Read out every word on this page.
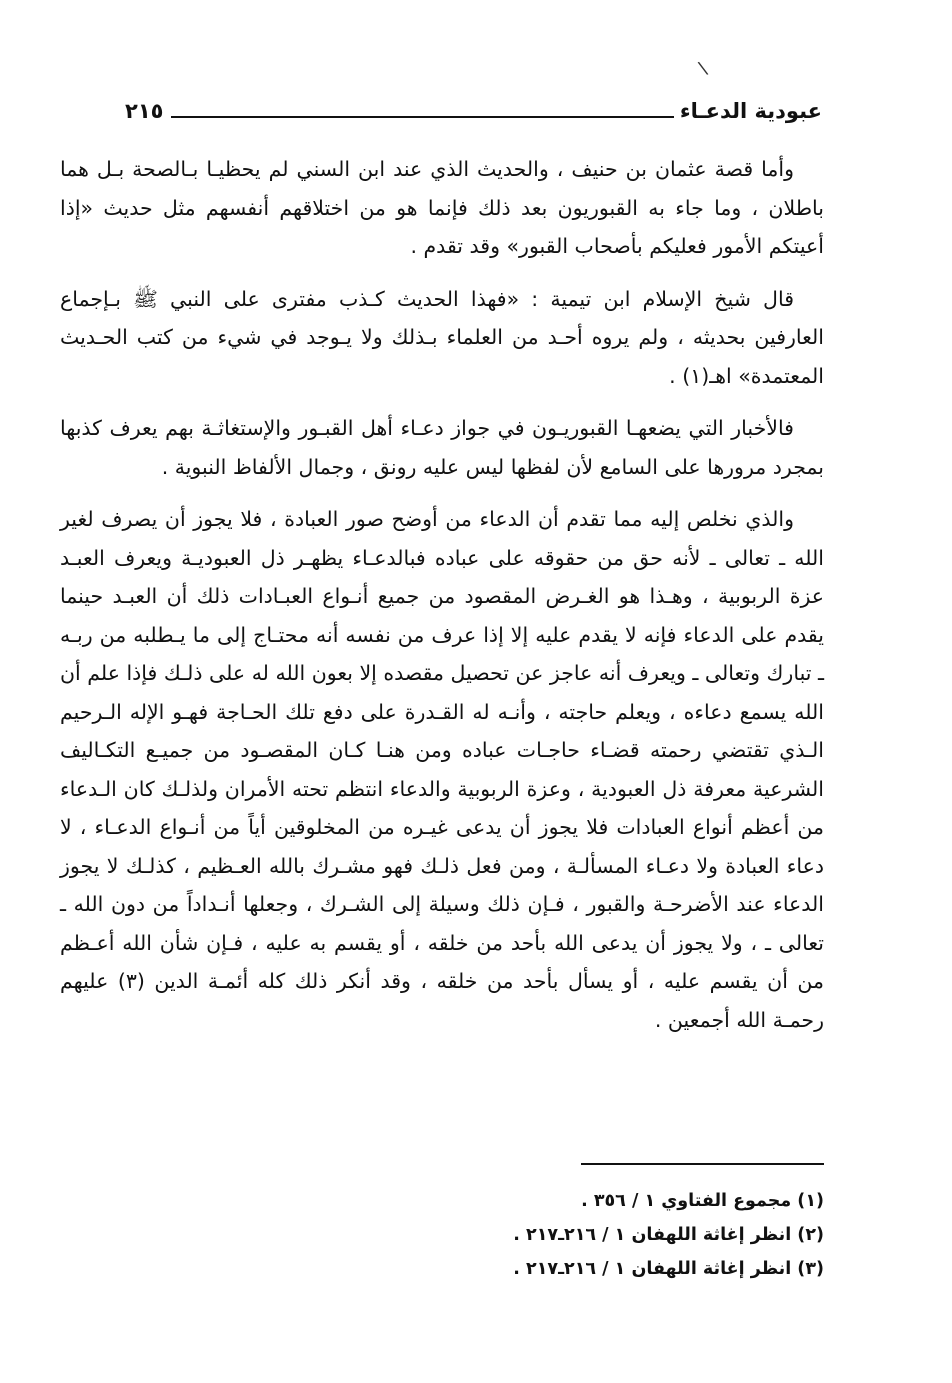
\
عبودية الدعـاء
٢١٥

وأما قصة عثمان بن حنيف ، والحديث الذي عند ابن السني لم يحظيـا بـالصحة بـل هما باطلان ، وما جاء به القبوريون بعد ذلك فإنما هو من اختلاقهم أنفسهم مثل حديث «إذا أعيتكم الأمور فعليكم بأصحاب القبور» وقد تقدم .

قال شيخ الإسلام ابن تيمية : «فهذا الحديث كـذب مفترى على النبي ﷺ بـإجماع العارفين بحديثه ، ولم يروه أحـد من العلماء بـذلك ولا يـوجد في شيء من كتب الحـديث المعتمدة» اهـ(١) .

فالأخبار التي يضعهـا القبوريـون في جواز دعـاء أهل القبـور والإستغاثـة بهم يعرف كذبها بمجرد مرورها على السامع لأن لفظها ليس عليه رونق ، وجمال الألفاظ النبوية .

والذي نخلص إليه مما تقدم أن الدعاء من أوضح صور العبادة ، فلا يجوز أن يصرف لغير الله ـ تعالى ـ لأنه حق من حقوقه على عباده فبالدعـاء يظهـر ذل العبوديـة ويعرف العبـد عزة الربوبية ، وهـذا هو الغـرض المقصود من جميع أنـواع العبـادات ذلك أن العبـد حينما يقدم على الدعاء فإنه لا يقدم عليه إلا إذا عرف من نفسه أنه محتـاج إلى ما يـطلبه من ربـه ـ تبارك وتعالى ـ ويعرف أنه عاجز عن تحصيل مقصده إلا بعون الله له على ذلـك فإذا علم أن الله يسمع دعاءه ، ويعلم حاجته ، وأنـه له القـدرة على دفع تلك الحـاجة فهـو الإله الـرحيم الـذي تقتضي رحمته قضـاء حاجـات عباده ومن هنـا كـان المقصـود من جميـع التكـاليف الشرعية معرفة ذل العبودية ، وعزة الربوبية والدعاء انتظم تحته الأمران ولذلـك كان الـدعاء من أعظم أنواع العبادات فلا يجوز أن يدعى غيـره من المخلوقين أياً من أنـواع الدعـاء ، لا دعاء العبادة ولا دعـاء المسألـة ، ومن فعل ذلـك فهو مشـرك بالله العـظيم ، كذلـك لا يجوز الدعاء عند الأضرحـة والقبور ، فـإن ذلك وسيلة إلى الشـرك ، وجعلها أنـداداً من دون الله ـ تعالى ـ ، ولا يجوز أن يدعى الله بأحد من خلقه ، أو يقسم به عليه ، فـإن شأن الله أعـظم من أن يقسم عليه ، أو يسأل بأحد من خلقه ، وقد أنكر ذلك كله أئمـة الدين (٣) عليهم رحمـة الله أجمعين .

(١) مجموع الفتاوي ١ / ٣٥٦ .
(٢) انظر إغاثة اللهفان ١ / ٢١٦ـ٢١٧ .
(٣) انظر إغاثة اللهفان ١ / ٢١٦ـ٢١٧ .
